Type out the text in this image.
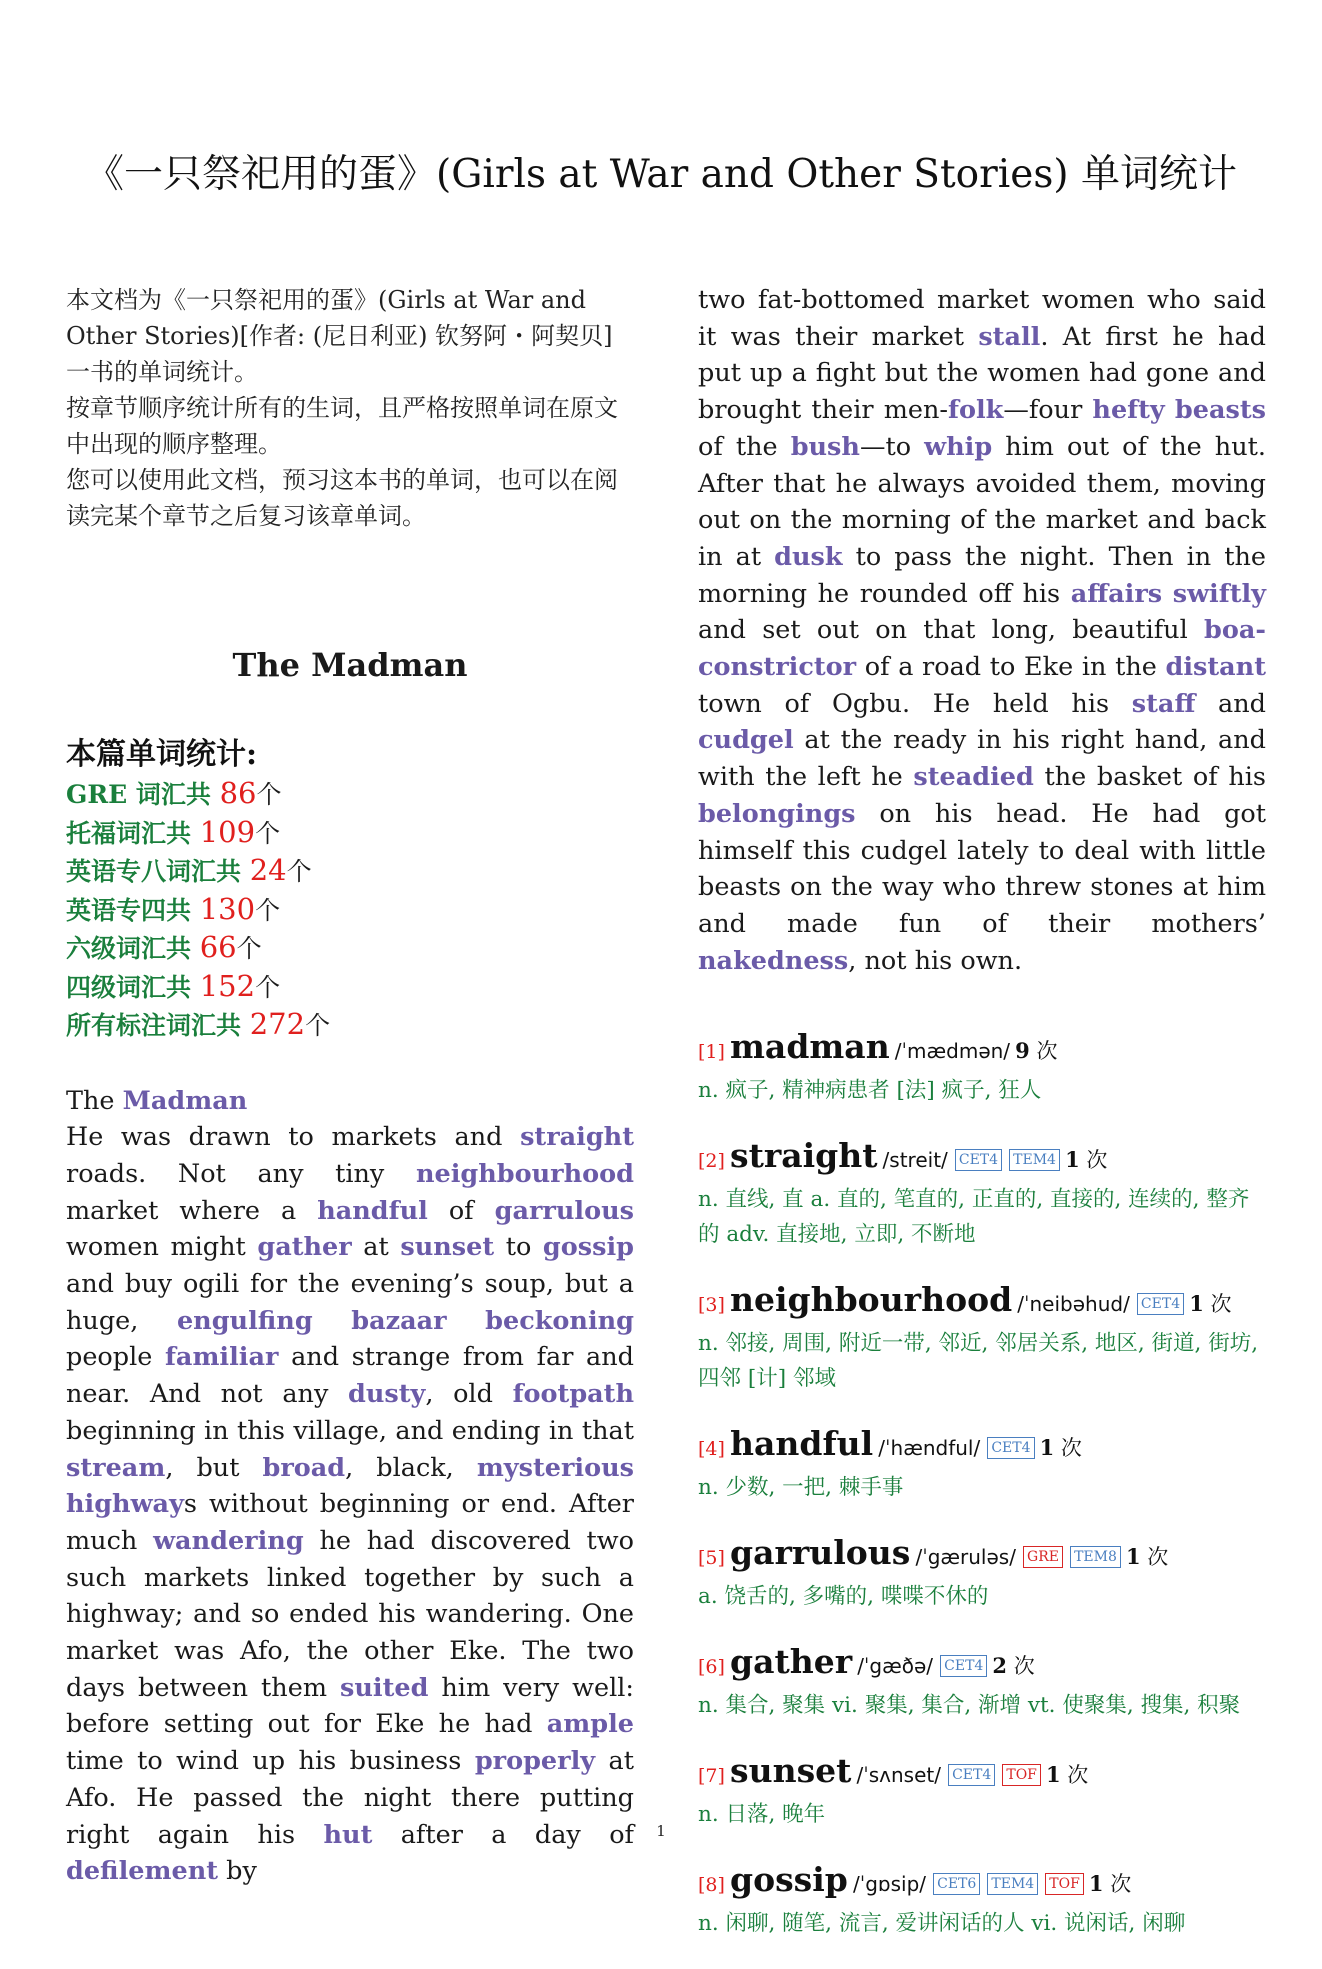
《一只祭祀用的蛋》(Girls at War and Other Stories) 单词统计

本文档为《一只祭祀用的蛋》(Girls at War and Other Stories)[作者: (尼日利亚) 钦努阿・阿契贝] 一书的单词统计。

按章节顺序统计所有的生词，且严格按照单词在原文中出现的顺序整理。

您可以使用此文档，预习这本书的单词，也可以在阅读完某个章节之后复习该章单词。

The Madman
本篇单词统计:
GRE 词汇共 86个
托福词汇共 109个
英语专八词汇共 24个
英语专四共 130个
六级词汇共 66个
四级词汇共 152个
所有标注词汇共 272个
The Madman
He was drawn to markets and straight roads. Not any tiny neighbourhood market where a handful of garrulous women might gather at sunset to gossip and buy ogili for the evening’s soup, but a huge, engulfing bazaar beckoning people familiar and strange from far and near. And not any dusty, old footpath beginning in this village, and ending in that stream, but broad, black, mysterious highways without beginning or end. After much wandering he had discovered two such markets linked together by such a highway; and so ended his wandering. One market was Afo, the other Eke. The two days between them suited him very well: before setting out for Eke he had ample time to wind up his business properly at Afo. He passed the night there putting right again his hut after a day of defilement by
two fat-bottomed market women who said it was their market stall. At first he had put up a fight but the women had gone and brought their men-folk—four hefty beasts of the bush—to whip him out of the hut. After that he always avoided them, moving out on the morning of the market and back in at dusk to pass the night. Then in the morning he rounded off his affairs swiftly and set out on that long, beautiful boa-constrictor of a road to Eke in the distant town of Ogbu. He held his staff and cudgel at the ready in his right hand, and with the left he steadied the basket of his belongings on his head. He had got himself this cudgel lately to deal with little beasts on the way who threw stones at him and made fun of their mothers’ nakedness, not his own.
[1] madman /ˈmædmən/ 9 次
n. 疯子, 精神病患者 [法] 疯子, 狂人
[2] straight /streit/ CET4 TEM4 1 次
n. 直线, 直 a. 直的, 笔直的, 正直的, 直接的, 连续的, 整齐的 adv. 直接地, 立即, 不断地
[3] neighbourhood /ˈneibəhud/ CET4 1 次
n. 邻接, 周围, 附近一带, 邻近, 邻居关系, 地区, 街道, 街坊, 四邻 [计] 邻域
[4] handful /ˈhændful/ CET4 1 次
n. 少数, 一把, 棘手事
[5] garrulous /ˈgæruləs/ GRE TEM8 1 次
a. 饶舌的, 多嘴的, 喋喋不休的
[6] gather /ˈgæðə/ CET4 2 次
n. 集合, 聚集 vi. 聚集, 集合, 渐增 vt. 使聚集, 搜集, 积聚
[7] sunset /ˈsʌnset/ CET4 TOF 1 次
n. 日落, 晚年
[8] gossip /ˈgɒsip/ CET6 TEM4 TOF 1 次
n. 闲聊, 随笔, 流言, 爱讲闲话的人 vi. 说闲话, 闲聊
1
